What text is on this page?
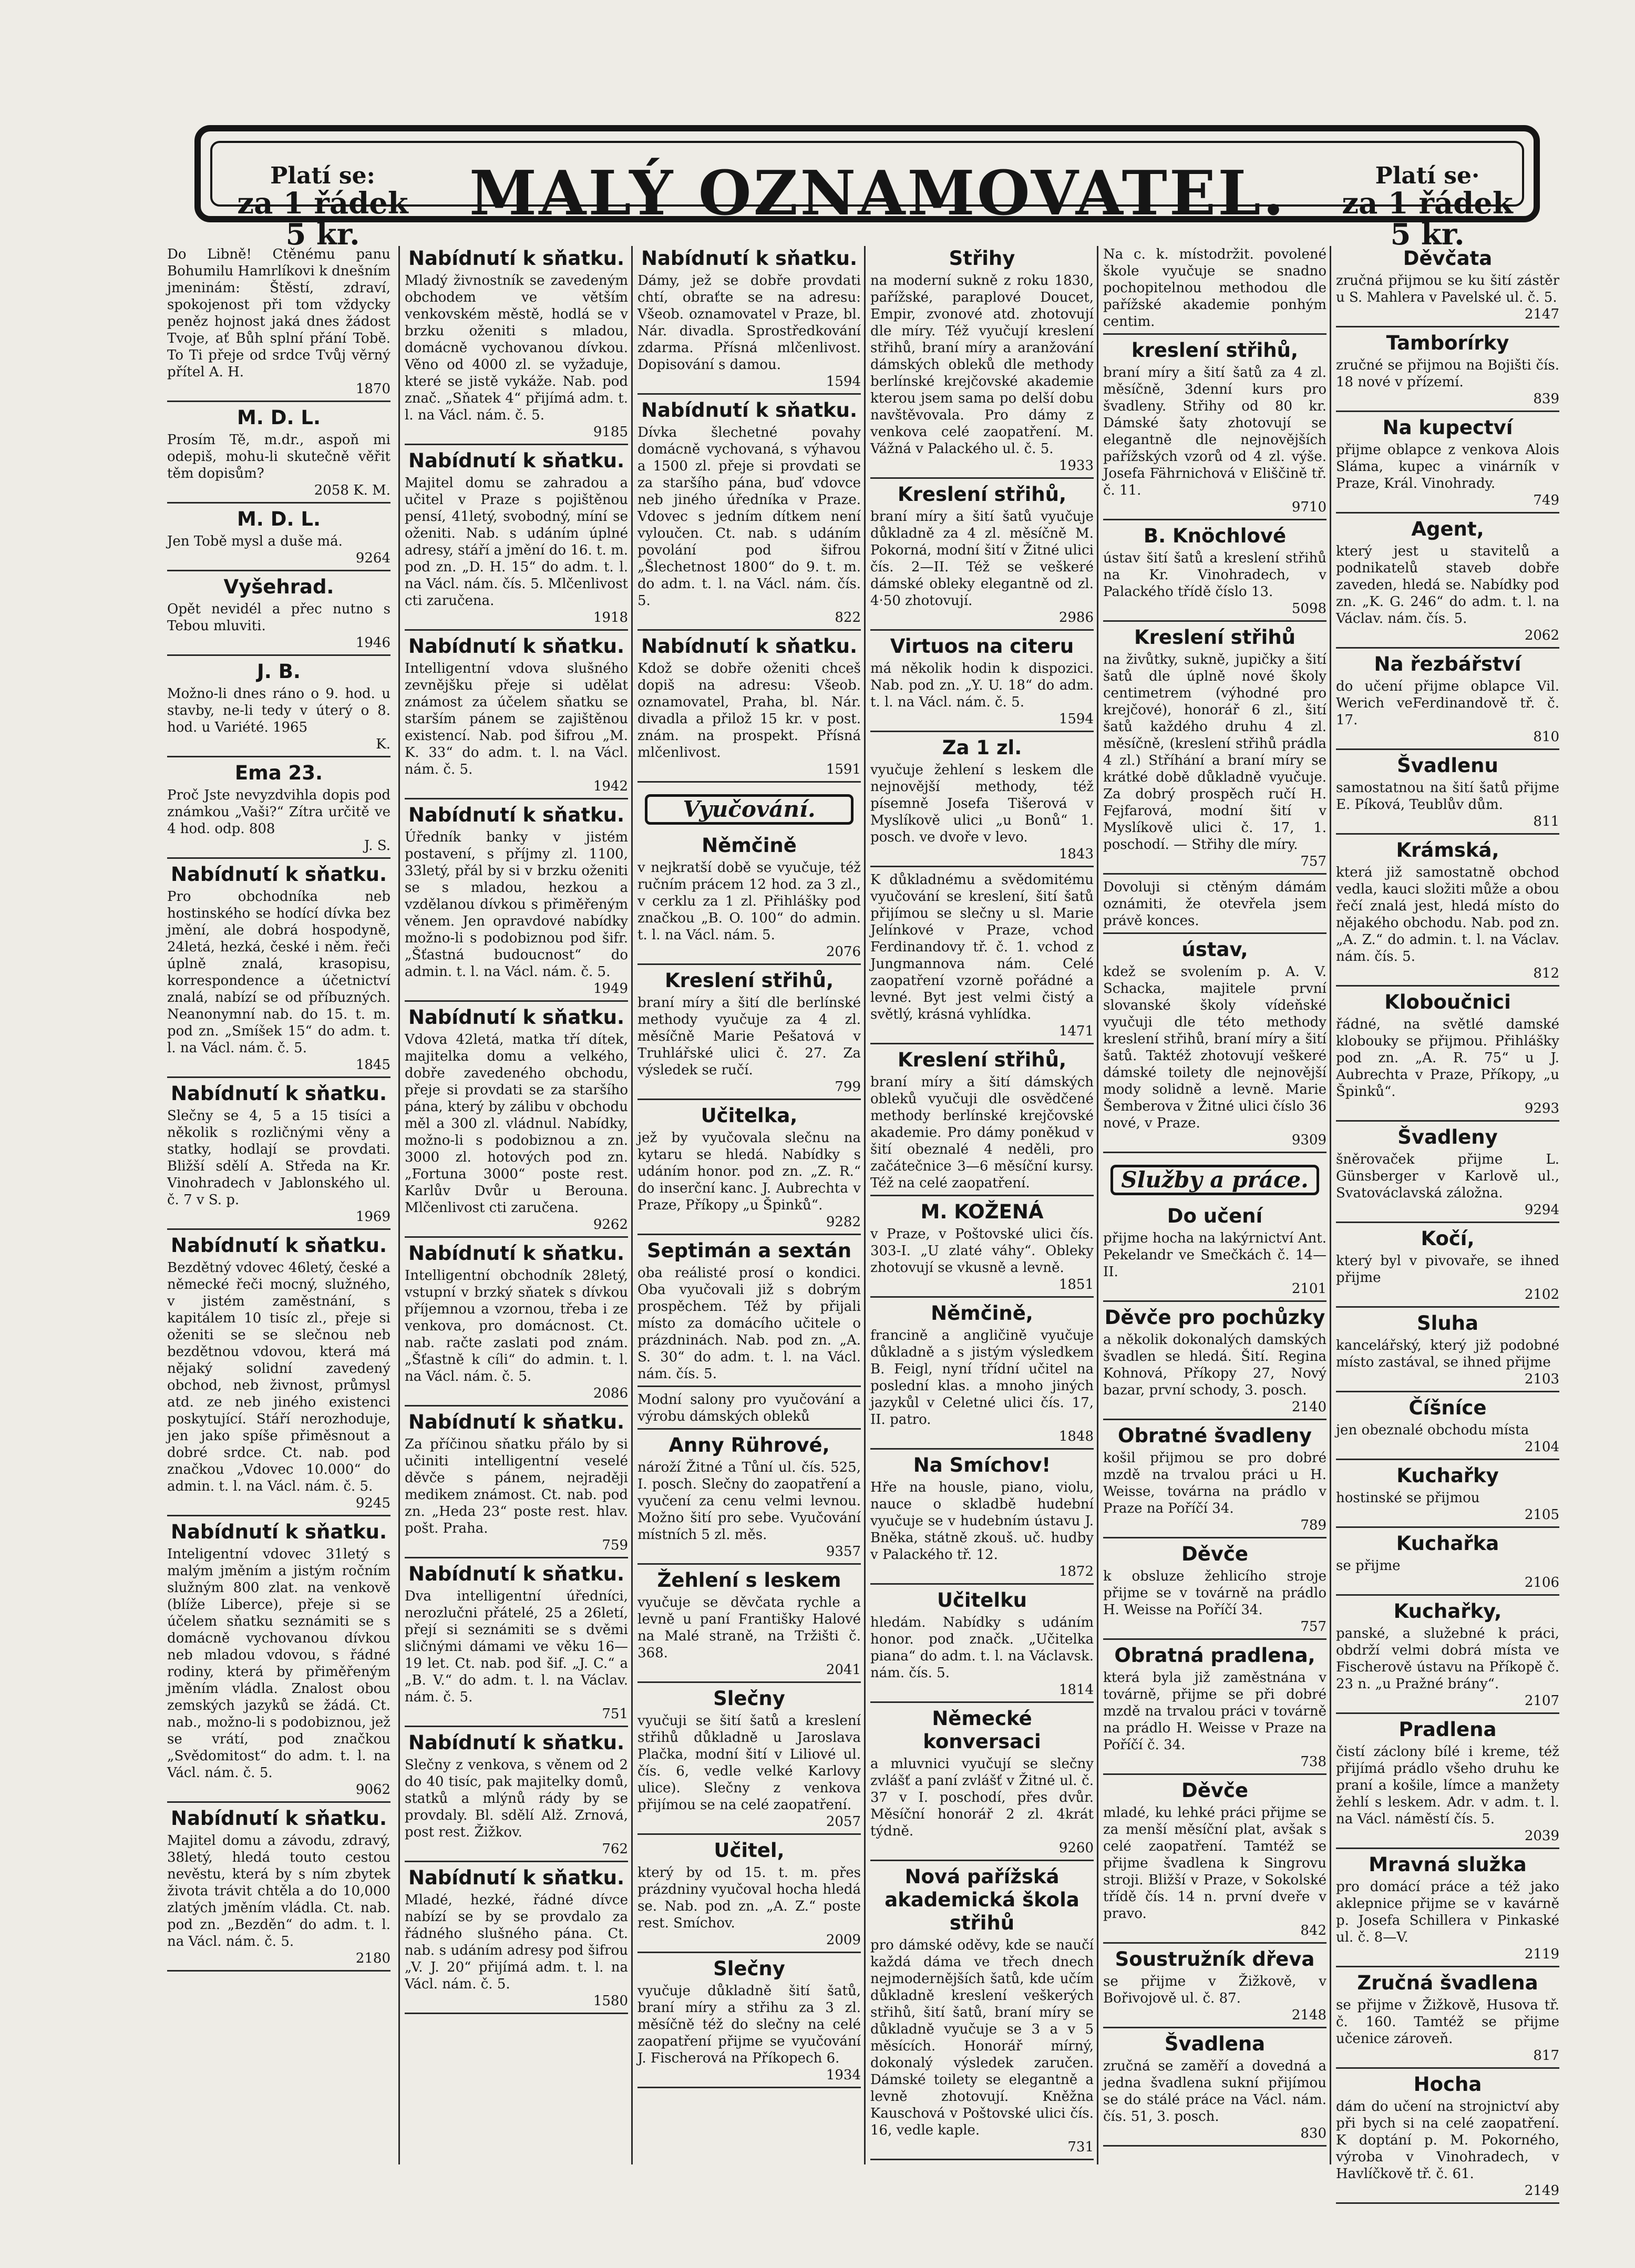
Platí se:
za 1 řádek 5 kr.
MALÝ OZNAMOVATEL.	Platí se·
za 1 řádek 5 kr.

Do Libně! Ctěnému panu Bohumilu Hamrlíkovi k dnešním jmeninám: Štěstí, zdraví, spokojenost při tom vždycky peněz hojnost jaká dnes žádost Tvoje, ať Bůh splní přání Tobě. To Ti přeje od srdce Tvůj věrný přítel A. H.

1870

M. D. L.

Prosím Tě, m.dr., aspoň mi odepiš, mohu-li skutečně věřit těm dopisům?

2058 K. M.

M. D. L.

Jen Tobě mysl a duše má.

9264

Vyšehrad.

Opět nevidél a přec nutno s Tebou mluviti.

1946

J. B.

Možno-li dnes ráno o 9. hod. u stavby, ne-li tedy v úterý o 8. hod. u Variété. 1965

K.

Ema 23.

Proč Jste nevyzdvihla dopis pod známkou „Vaši?“ Zítra určitě ve 4 hod. odp. 808

J. S.

Nabídnutí k sňatku.

Pro obchodníka neb hostinského se hodící dívka bez jmění, ale dobrá hospodyně, 24letá, hezká, české i něm. řeči úplně znalá, krasopisu, korrespondence a účetnictví znalá, nabízí se od příbuzných. Neanonymní nab. do 15. t. m. pod zn. „Smíšek 15“ do adm. t. l. na Václ. nám. č. 5.

1845

Nabídnutí k sňatku.

Slečny se 4, 5 a 15 tisíci a několik s rozličnými věny a statky, hodlají se provdati. Bližší sdělí A. Středa na Kr. Vinohradech v Jablonského ul. č. 7 v S. p.

1969

Nabídnutí k sňatku.

Bezdětný vdovec 46letý, české a německé řeči mocný, služného, v jistém zaměstnání, s kapitálem 10 tisíc zl., přeje si oženiti se se slečnou neb bezdětnou vdovou, která má nějaký solidní zavedený obchod, neb živnost, průmysl atd. ze neb jiného existenci poskytující. Stáří nerozhoduje, jen jako spíše přiměsnout a dobré srdce. Ct. nab. pod značkou „Vdovec 10.000“ do admin. t. l. na Václ. nám. č. 5.

9245

Nabídnutí k sňatku.

Inteligentní vdovec 31letý s malým jměním a jistým ročním služným 800 zlat. na venkově (blíže Liberce), přeje si se účelem sňatku seznámiti se s domácně vychovanou dívkou neb mladou vdovou, s řádné rodiny, která by přiměřeným jměním vládla. Znalost obou zemských jazyků se žádá. Ct. nab., možno-li s podobiznou, jež se vrátí, pod značkou „Svědomitost“ do adm. t. l. na Václ. nám. č. 5.

9062

Nabídnutí k sňatku.

Majitel domu a závodu, zdravý, 38letý, hledá touto cestou nevěstu, která by s ním zbytek života trávit chtěla a do 10,000 zlatých jměním vládla. Ct. nab. pod zn. „Bezděn“ do adm. t. l. na Václ. nám. č. 5.

2180

Nabídnutí k sňatku.

Mladý živnostník se zavedeným obchodem ve větším venkovském městě, hodlá se v brzku oženiti s mladou, domácně vychovanou dívkou. Věno od 4000 zl. se vyžaduje, které se jistě vykáže. Nab. pod znač. „Sňatek 4“ přijímá adm. t. l. na Václ. nám. č. 5.

9185

Nabídnutí k sňatku.

Majitel domu se zahradou a učitel v Praze s pojištěnou pensí, 41letý, svobodný, míní se oženiti. Nab. s udáním úplné adresy, stáří a jmění do 16. t. m. pod zn. „D. H. 15“ do adm. t. l. na Václ. nám. čís. 5. Mlčenlivost cti zaručena.

1918

Nabídnutí k sňatku.

Intelligentní vdova slušného zevnějšku přeje si udělat známost za účelem sňatku se starším pánem se zajištěnou existencí. Nab. pod šifrou „M. K. 33“ do adm. t. l. na Václ. nám. č. 5.

1942

Nabídnutí k sňatku.

Úředník banky v jistém postavení, s příjmy zl. 1100, 33letý, přál by si v brzku oženiti se s mladou, hezkou a vzdělanou dívkou s přiměřeným věnem. Jen opravdové nabídky možno-li s podobiznou pod šifr. „Šťastná budoucnost“ do admin. t. l. na Václ. nám. č. 5.

1949

Nabídnutí k sňatku.

Vdova 42letá, matka tří dítek, majitelka domu a velkého, dobře zavedeného obchodu, přeje si provdati se za staršího pána, který by zálibu v obchodu měl a 300 zl. vládnul. Nabídky, možno-li s podobiznou a zn. 3000 zl. hotových pod zn. „Fortuna 3000“ poste rest. Karlův Dvůr u Berouna. Mlčenlivost cti zaručena.

9262

Nabídnutí k sňatku.

Intelligentní obchodník 28letý, vstupní v brzký sňatek s dívkou příjemnou a vzornou, třeba i ze venkova, pro domácnost. Ct. nab. račte zaslati pod znám. „Šťastně k cíli“ do admin. t. l. na Václ. nám. č. 5.

2086

Nabídnutí k sňatku.

Za příčinou sňatku přálo by si učiniti intelligentní veselé děvče s pánem, nejraději medikem známost. Ct. nab. pod zn. „Heda 23“ poste rest. hlav. pošt. Praha.

759

Nabídnutí k sňatku.

Dva intelligentní úředníci, nerozlučni přátelé, 25 a 26letí, přejí si seznámiti se s dvěmi sličnými dámami ve věku 16—19 let. Ct. nab. pod šif. „J. C.“ a „B. V.“ do adm. t. l. na Václav. nám. č. 5.

751

Nabídnutí k sňatku.

Slečny z venkova, s věnem od 2 do 40 tisíc, pak majitelky domů, statků a mlýnů rády by se provdaly. Bl. sdělí Alž. Zrnová, post rest. Žižkov.

762

Nabídnutí k sňatku.

Mladé, hezké, řádné dívce nabízí se by se provdalo za řádného slušného pána. Ct. nab. s udáním adresy pod šifrou „V. J. 20“ přijímá adm. t. l. na Václ. nám. č. 5.

1580

Nabídnutí k sňatku.

Dámy, jež se dobře provdati chtí, obraťte se na adresu: Všeob. oznamovatel v Praze, bl. Nár. divadla. Sprostředkování zdarma. Přísná mlčenlivost. Dopisování s damou.

1594

Nabídnutí k sňatku.

Dívka šlechetné povahy domácně vychovaná, s výhavou a 1500 zl. přeje si provdati se za staršího pána, buď vdovce neb jiného úředníka v Praze. Vdovec s jedním dítkem není vyloučen. Ct. nab. s udáním povolání pod šifrou „Šlechetnost 1800“ do 9. t. m. do adm. t. l. na Václ. nám. čís. 5.

822

Nabídnutí k sňatku.

Kdož se dobře oženiti chceš dopiš na adresu: Všeob. oznamovatel, Praha, bl. Nár. divadla a přilož 15 kr. v post. znám. na prospekt. Přísná mlčenlivost.

1591

Vyučování.
Němčině

v nejkratší době se vyučuje, též ručním prácem 12 hod. za 3 zl., v cerklu za 1 zl. Přihlášky pod značkou „B. O. 100“ do admin. t. l. na Václ. nám. 5.

2076

Kreslení střihů,

braní míry a šití dle berlínské methody vyučuje za 4 zl. měsíčně Marie Pešatová v Truhlářské ulici č. 27. Za výsledek se ručí.

799

Učitelka,

jež by vyučovala slečnu na kytaru se hledá. Nabídky s udáním honor. pod zn. „Z. R.“ do inserční kanc. J. Aubrechta v Praze, Příkopy „u Špinků“.

9282

Septimán a sextán

oba reálisté prosí o kondici. Oba vyučovali již s dobrým prospěchem. Též by přijali místo za domácího učitele o prázdninách. Nab. pod zn. „A. S. 30“ do adm. t. l. na Václ. nám. čís. 5.

Modní salony pro vyučování a výrobu dámských obleků

Anny Rührové,

nároží Žitné a Tůní ul. čís. 525, I. posch. Slečny do zaopatření a vyučení za cenu velmi levnou. Možno šití pro sebe. Vyučování místních 5 zl. měs.

9357

Žehlení s leskem

vyučuje se děvčata rychle a levně u paní Františky Halové na Malé straně, na Tržišti č. 368.

2041

Slečny

vyučuji se šití šatů a kreslení střihů důkladně u Jaroslava Plačka, modní šití v Liliové ul. čís. 6, vedle velké Karlovy ulice). Slečny z venkova přijímou se na celé zaopatření.

2057

Učitel,

který by od 15. t. m. přes prázdniny vyučoval hocha hledá se. Nab. pod zn. „A. Z.“ poste rest. Smíchov.

2009

Slečny

vyučuje důkladně šití šatů, braní míry a střihu za 3 zl. měsíčně též do slečny na celé zaopatření přijme se vyučování J. Fischerová na Příkopech 6.

1934

Střihy

na moderní sukně z roku 1830, pařížské, paraplové Doucet, Empir, zvonové atd. zhotovují dle míry. Též vyučují kreslení střihů, braní míry a aranžování dámských obleků dle methody berlínské krejčovské akademie kterou jsem sama po delší dobu navštěvovala. Pro dámy z venkova celé zaopatření. M. Vážná v Palackého ul. č. 5.

1933

Kreslení střihů,

braní míry a šití šatů vyučuje důkladně za 4 zl. měsíčně M. Pokorná, modní šití v Žitné ulici čís. 2—II. Též se veškeré dámské obleky elegantně od zl. 4·50 zhotovují.

2986

Virtuos na citeru

má několik hodin k dispozici. Nab. pod zn. „Y. U. 18“ do adm. t. l. na Václ. nám. č. 5.

1594

Za 1 zl.

vyučuje žehlení s leskem dle nejnovější methody, též písemně Josefa Tišerová v Myslíkově ulici „u Bonů“ 1. posch. ve dvoře v levo.

1843

K důkladnému a svědomitému vyučování se kreslení, šití šatů přijímou se slečny u sl. Marie Jelínkové v Praze, vchod Ferdinandovy tř. č. 1. vchod z Jungmannova nám. Celé zaopatření vzorně pořádné a levné. Byt jest velmi čistý a světlý, krásná vyhlídka.

1471

Kreslení střihů,

braní míry a šití dámských obleků vyučuji dle osvědčené methody berlínské krejčovské akademie. Pro dámy poněkud v šití obeznalé 4 neděli, pro začátečnice 3—6 měsíční kursy. Též na celé zaopatření.

M. KOŽENÁ

v Praze, v Poštovské ulici čís. 303-I. „U zlaté váhy“. Obleky zhotovují se vkusně a levně.

1851

Němčině,

francině a angličině vyučuje důkladně a s jistým výsledkem B. Feigl, nyní třídní učitel na poslední klas. a mnoho jiných jazykůl v Celetné ulici čís. 17, II. patro.

1848

Na Smíchov!

Hře na housle, piano, violu, nauce o skladbě hudební vyučuje se v hudebním ústavu J. Bněka, státně zkouš. uč. hudby v Palackého tř. 12.

1872

Učitelku

hledám. Nabídky s udáním honor. pod značk. „Učitelka piana“ do adm. t. l. na Václavsk. nám. čís. 5.

1814

Německé konversaci

a mluvnici vyučují se slečny zvlášť a paní zvlášť v Žitné ul. č. 37 v I. poschodí, přes dvůr. Měsíční honorář 2 zl. 4krát týdně.

9260

Nová pařížská akademická škola střihů

pro dámské oděvy, kde se naučí každá dáma ve třech dnech nejmodernějších šatů, kde učím důkladně kreslení veškerých střihů, šití šatů, braní míry se důkladně vyučuje se 3 a v 5 měsících. Honorář mírný, dokonalý výsledek zaručen. Dámské toilety se elegantně a levně zhotovují. Kněžna Kauschová v Poštovské ulici čís. 16, vedle kaple.

731

Na c. k. místodržit. povolené škole vyučuje se snadno pochopitelnou methodou dle pařížské akademie ponhým centim.

kreslení střihů,

braní míry a šití šatů za 4 zl. měsíčně, 3denní kurs pro švadleny. Střihy od 80 kr. Dámské šaty zhotovují se elegantně dle nejnovějších pařížských vzorů od 4 zl. výše. Josefa Fährnichová v Eliščině tř. č. 11.

9710

B. Knöchlové

ústav šití šatů a kreslení střihů na Kr. Vinohradech, v Palackého třídě číslo 13.

5098

Kreslení střihů

na živůtky, sukně, jupičky a šití šatů dle úplně nové školy centimetrem (výhodné pro krejčové), honorář 6 zl., šití šatů každého druhu 4 zl. měsíčně, (kreslení střihů prádla 4 zl.) Stříhání a braní míry se krátké době důkladně vyučuje. Za dobrý prospěch ručí H. Fejfarová, modní šití v Myslíkově ulici č. 17, 1. poschodí. — Střihy dle míry.

757

Dovoluji si ctěným dámám oznámiti, že otevřela jsem právě konces.

ústav,

kdež se svolením p. A. V. Schacka, majitele první slovanské školy vídeňské vyučuji dle této methody kreslení střihů, braní míry a šití šatů. Taktéž zhotovují veškeré dámské toilety dle nejnovější mody solidně a levně. Marie Šemberova v Žitné ulici číslo 36 nové, v Praze.

9309

Služby a práce.
Do učení

přijme hocha na lakýrnictví Ant. Pekelandr ve Smečkách č. 14—II.

2101

Děvče pro pochůzky

a několik dokonalých damských švadlen se hledá. Šití. Regina Kohnová, Příkopy 27, Nový bazar, první schody, 3. posch.

2140

Obratné švadleny

košil přijmou se pro dobré mzdě na trvalou práci u H. Weisse, továrna na prádlo v Praze na Poříčí 34.

789

Děvče

k obsluze žehlicího stroje přijme se v továrně na prádlo H. Weisse na Poříčí 34.

757

Obratná pradlena,

která byla již zaměstnána v továrně, přijme se při dobré mzdě na trvalou práci v továrně na prádlo H. Weisse v Praze na Poříčí č. 34.

738

Děvče

mladé, ku lehké práci přijme se za menší měsíční plat, avšak s celé zaopatření. Tamtéž se přijme švadlena k Singrovu stroji. Bližší v Praze, v Sokolské třídě čís. 14 n. první dveře v pravo.

842

Soustružník dřeva

se přijme v Žižkově, v Bořivojově ul. č. 87.

2148

Švadlena

zručná se zaměří a dovedná a jedna švadlena sukní přijímou se do stálé práce na Václ. nám. čís. 51, 3. posch.

830

Děvčata

zručná přijmou se ku šití zástěr u S. Mahlera v Pavelské ul. č. 5.

2147

Tamborírky

zručné se přijmou na Bojišti čís. 18 nové v přízemí.

839

Na kupectví

přijme oblapce z venkova Alois Sláma, kupec a vinárník v Praze, Král. Vinohrady.

749

Agent,

který jest u stavitelů a podnikatelů staveb dobře zaveden, hledá se. Nabídky pod zn. „K. G. 246“ do adm. t. l. na Václav. nám. čís. 5.

2062

Na řezbářství

do učení přijme oblapce Vil. Werich veFerdinandově tř. č. 17.

810

Švadlenu

samostatnou na šití šatů přijme E. Píková, Teublův dům.

811

Krámská,

která již samostatně obchod vedla, kauci složiti může a obou řečí znalá jest, hledá místo do nějakého obchodu. Nab. pod zn. „A. Z.“ do admin. t. l. na Václav. nám. čís. 5.

812

Kloboučnici

řádné, na světlé damské klobouky se přijmou. Přihlášky pod zn. „A. R. 75“ u J. Aubrechta v Praze, Příkopy, „u Špinků“.

9293

Švadleny

šněrovaček přijme L. Günsberger v Karlově ul., Svatováclavská záložna.

9294

Kočí,

který byl v pivovaře, se ihned přijme

2102

Sluha

kancelářský, který již podobné místo zastával, se ihned přijme

2103

Číšníce

jen obeznalé obchodu místa

2104

Kuchařky

hostinské se přijmou

2105

Kuchařka

se přijme

2106

Kuchařky,

panské, a služebné k práci, obdrží velmi dobrá místa ve Fischerově ústavu na Příkopě č. 23 n. „u Pražné brány“.

2107

Pradlena

čistí záclony bílé i kreme, též přijímá prádlo všeho druhu ke praní a košile, límce a manžety žehlí s leskem. Adr. v adm. t. l. na Václ. náměstí čís. 5.

2039

Mravná služka

pro domácí práce a též jako aklepnice přijme se v kavárně p. Josefa Schillera v Pinkaské ul. č. 8—V.

2119

Zručná švadlena

se přijme v Žižkově, Husova tř. č. 160. Tamtéž se přijme učenice zároveň.

817

Hocha

dám do učení na strojnictví aby při bych si na celé zaopatření. K doptání p. M. Pokorného, výroba v Vinohradech, v Havlíčkově tř. č. 61.

2149
